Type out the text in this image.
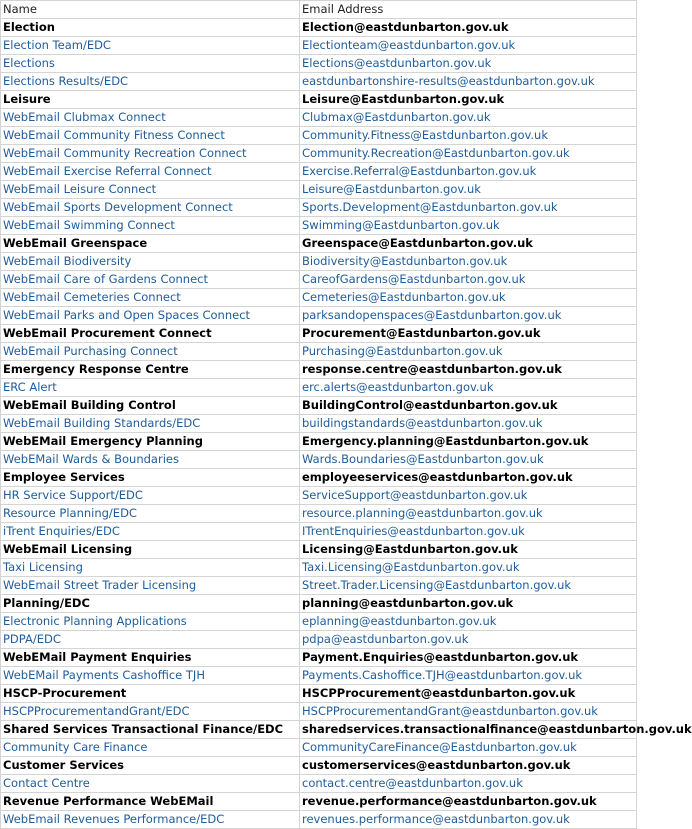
Name	Email Address
Election	Election@eastdunbarton.gov.uk
Election Team/EDC	Electionteam@eastdunbarton.gov.uk
Elections	Elections@eastdunbarton.gov.uk
Elections Results/EDC	eastdunbartonshire-results@eastdunbarton.gov.uk
Leisure	Leisure@Eastdunbarton.gov.uk
WebEmail Clubmax Connect	Clubmax@Eastdunbarton.gov.uk
WebEmail Community Fitness Connect	Community.Fitness@Eastdunbarton.gov.uk
WebEmail Community Recreation Connect	Community.Recreation@Eastdunbarton.gov.uk
WebEmail Exercise Referral Connect	Exercise.Referral@Eastdunbarton.gov.uk
WebEmail Leisure Connect	Leisure@Eastdunbarton.gov.uk
WebEmail Sports Development Connect	Sports.Development@Eastdunbarton.gov.uk
WebEmail Swimming Connect	Swimming@Eastdunbarton.gov.uk
WebEmail Greenspace	Greenspace@Eastdunbarton.gov.uk
WebEmail Biodiversity	Biodiversity@Eastdunbarton.gov.uk
WebEmail Care of Gardens Connect	CareofGardens@Eastdunbarton.gov.uk
WebEmail Cemeteries Connect	Cemeteries@Eastdunbarton.gov.uk
WebEmail Parks and Open Spaces Connect	parksandopenspaces@Eastdunbarton.gov.uk
WebEmail Procurement Connect	Procurement@Eastdunbarton.gov.uk
WebEmail Purchasing Connect	Purchasing@Eastdunbarton.gov.uk
Emergency Response Centre	response.centre@eastdunbarton.gov.uk
ERC Alert	erc.alerts@eastdunbarton.gov.uk
WebEmail Building Control	BuildingControl@eastdunbarton.gov.uk
WebEmail Building Standards/EDC	buildingstandards@eastdunbarton.gov.uk
WebEMail Emergency Planning	Emergency.planning@Eastdunbarton.gov.uk
WebEMail Wards & Boundaries	Wards.Boundaries@Eastdunbarton.gov.uk
Employee Services	employeeservices@eastdunbarton.gov.uk
HR Service Support/EDC	ServiceSupport@eastdunbarton.gov.uk
Resource Planning/EDC	resource.planning@eastdunbarton.gov.uk
iTrent Enquiries/EDC	ITrentEnquiries@eastdunbarton.gov.uk
WebEmail Licensing	Licensing@Eastdunbarton.gov.uk
Taxi Licensing	Taxi.Licensing@Eastdunbarton.gov.uk
WebEmail Street Trader Licensing	Street.Trader.Licensing@Eastdunbarton.gov.uk
Planning/EDC	planning@eastdunbarton.gov.uk
Electronic Planning Applications	eplanning@eastdunbarton.gov.uk
PDPA/EDC	pdpa@eastdunbarton.gov.uk
WebEMail Payment Enquiries	Payment.Enquiries@eastdunbarton.gov.uk
WebEMail Payments Cashoffice TJH	Payments.Cashoffice.TJH@eastdunbarton.gov.uk
HSCP-Procurement	HSCPProcurement@eastdunbarton.gov.uk
HSCPProcurementandGrant/EDC	HSCPProcurementandGrant@eastdunbarton.gov.uk
Shared Services Transactional Finance/EDC	sharedservices.transactionalfinance@eastdunbarton.gov.uk
Community Care Finance	CommunityCareFinance@Eastdunbarton.gov.uk
Customer Services	customerservices@eastdunbarton.gov.uk
Contact Centre	contact.centre@eastdunbarton.gov.uk
Revenue Performance WebEMail	revenue.performance@eastdunbarton.gov.uk
WebEmail Revenues Performance/EDC	revenues.performance@eastdunbarton.gov.uk
